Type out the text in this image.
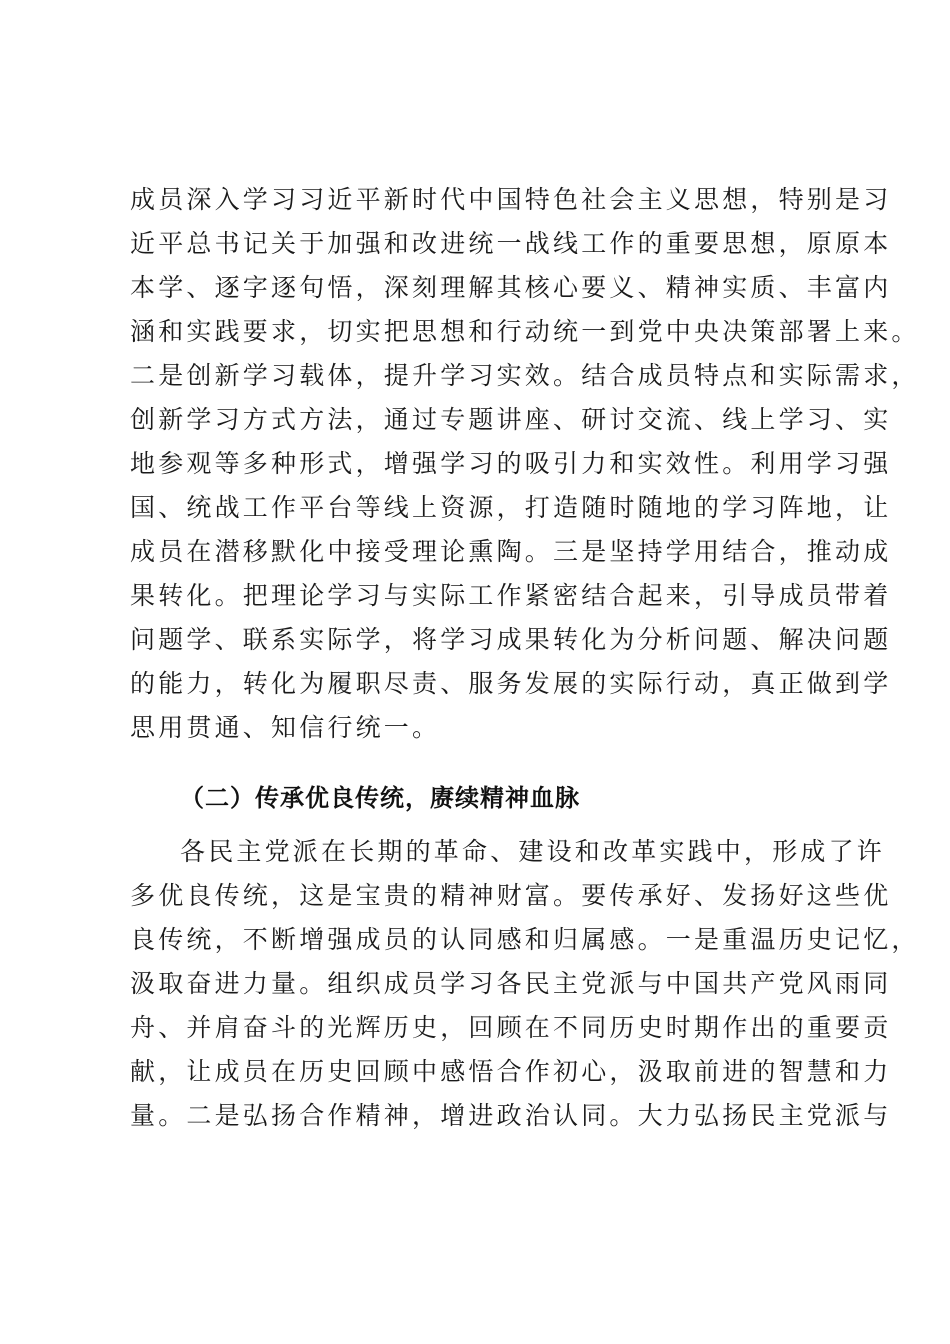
成员深入学习习近平新时代中国特色社会主义思想，特别是习
近平总书记关于加强和改进统一战线工作的重要思想，原原本
本学、逐字逐句悟，深刻理解其核心要义、精神实质、丰富内
涵和实践要求，切实把思想和行动统一到党中央决策部署上来。
二是创新学习载体，提升学习实效。结合成员特点和实际需求，
创新学习方式方法，通过专题讲座、研讨交流、线上学习、实
地参观等多种形式，增强学习的吸引力和实效性。利用学习强
国、统战工作平台等线上资源，打造随时随地的学习阵地，让
成员在潜移默化中接受理论熏陶。三是坚持学用结合，推动成
果转化。把理论学习与实际工作紧密结合起来，引导成员带着
问题学、联系实际学，将学习成果转化为分析问题、解决问题
的能力，转化为履职尽责、服务发展的实际行动，真正做到学
思用贯通、知信行统一。
（二）传承优良传统，赓续精神血脉
各民主党派在长期的革命、建设和改革实践中，形成了许
多优良传统，这是宝贵的精神财富。要传承好、发扬好这些优
良传统，不断增强成员的认同感和归属感。一是重温历史记忆，
汲取奋进力量。组织成员学习各民主党派与中国共产党风雨同
舟、并肩奋斗的光辉历史，回顾在不同历史时期作出的重要贡
献，让成员在历史回顾中感悟合作初心，汲取前进的智慧和力
量。二是弘扬合作精神，增进政治认同。大力弘扬民主党派与
